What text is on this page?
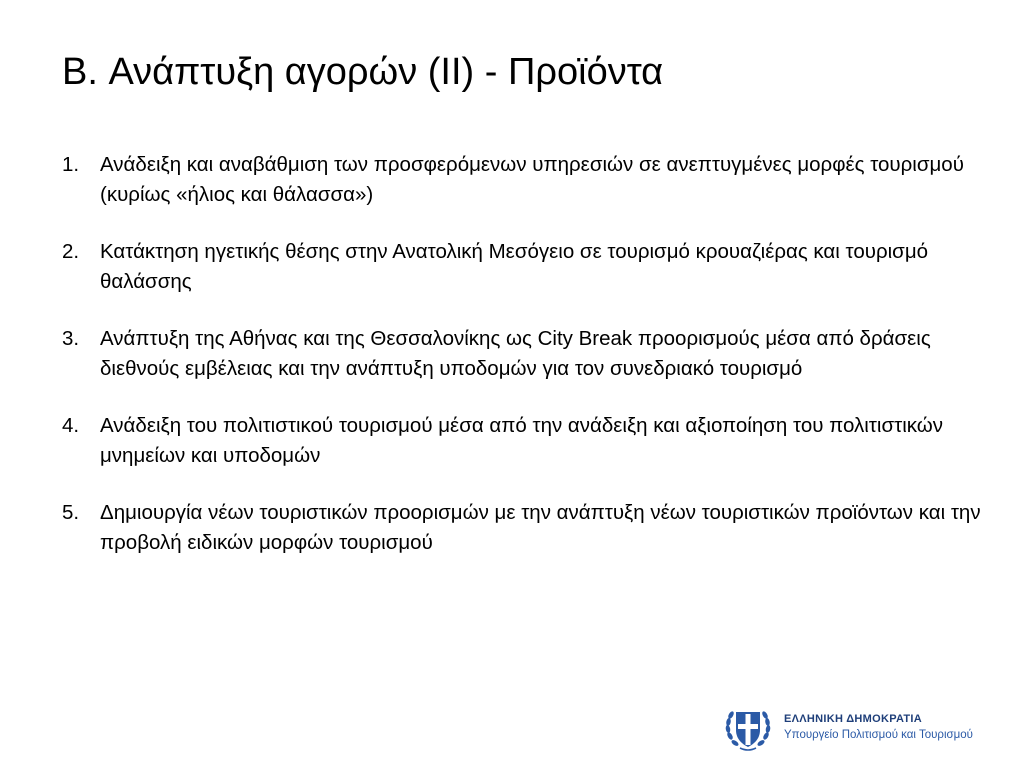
B. Ανάπτυξη αγορών (ΙΙ) - Προϊόντα
1.	Ανάδειξη και αναβάθμιση των προσφερόμενων υπηρεσιών σε ανεπτυγμένες μορφές τουρισμού (κυρίως «ήλιος και θάλασσα»)
2.	Κατάκτηση ηγετικής θέσης στην Ανατολική Μεσόγειο σε τουρισμό κρουαζιέρας και τουρισμό θαλάσσης
3.	Ανάπτυξη της Αθήνας και της Θεσσαλονίκης ως City Break προορισμούς μέσα από δράσεις διεθνούς εμβέλειας και την ανάπτυξη υποδομών για τον συνεδριακό τουρισμό
4.	Ανάδειξη του πολιτιστικού τουρισμού μέσα από την ανάδειξη και αξιοποίηση του πολιτιστικών μνημείων και υποδομών
5.	Δημιουργία νέων τουριστικών προορισμών με την ανάπτυξη νέων τουριστικών προϊόντων και την προβολή ειδικών μορφών τουρισμού
ΕΛΛΗΝΙΚΗ ΔΗΜΟΚΡΑΤΙΑ
Υπουργείο Πολιτισμού και Τουρισμού
